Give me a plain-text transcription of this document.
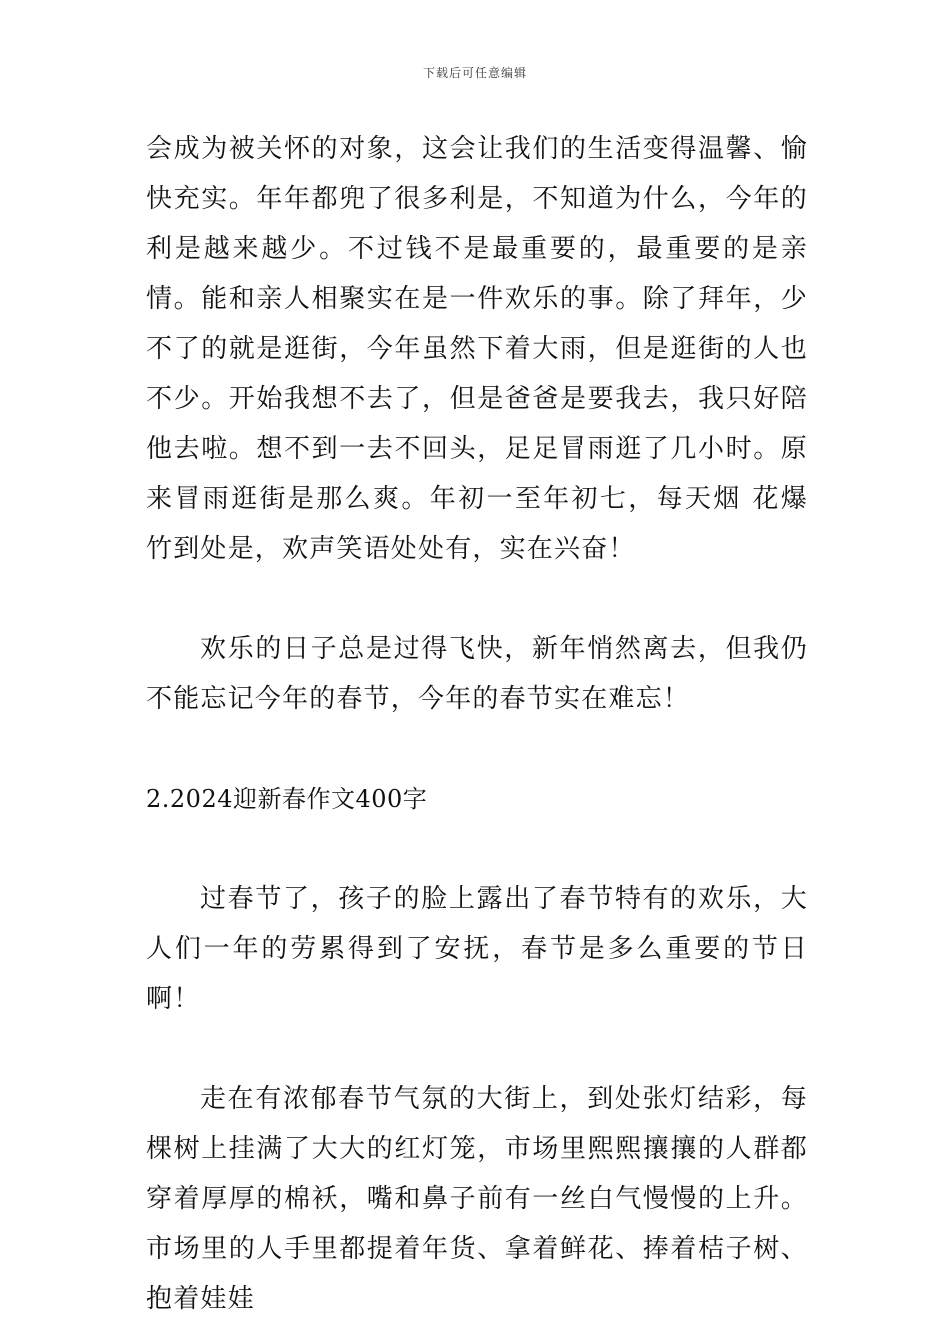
下载后可任意编辑

会成为被关怀的对象，这会让我们的生活变得温馨、愉快充实。年年都兜了很多利是，不知道为什么，今年的利是越来越少。不过钱不是最重要的，最重要的是亲情。能和亲人相聚实在是一件欢乐的事。除了拜年，少不了的就是逛街，今年虽然下着大雨，但是逛街的人也不少。开始我想不去了，但是爸爸是要我去，我只好陪他去啦。想不到一去不回头，足足冒雨逛了几小时。原来冒雨逛街是那么爽。年初一至年初七，每天烟 花爆竹到处是，欢声笑语处处有，实在兴奋！

欢乐的日子总是过得飞快，新年悄然离去，但我仍不能忘记今年的春节，今年的春节实在难忘！

2.2024迎新春作文400字

过春节了，孩子的脸上露出了春节特有的欢乐，大人们一年的劳累得到了安抚，春节是多么重要的节日啊！

走在有浓郁春节气氛的大街上，到处张灯结彩，每棵树上挂满了大大的红灯笼，市场里熙熙攘攘的人群都穿着厚厚的棉袄，嘴和鼻子前有一丝白气慢慢的上升。市场里的人手里都提着年货、拿着鲜花、捧着桔子树、抱着娃娃
